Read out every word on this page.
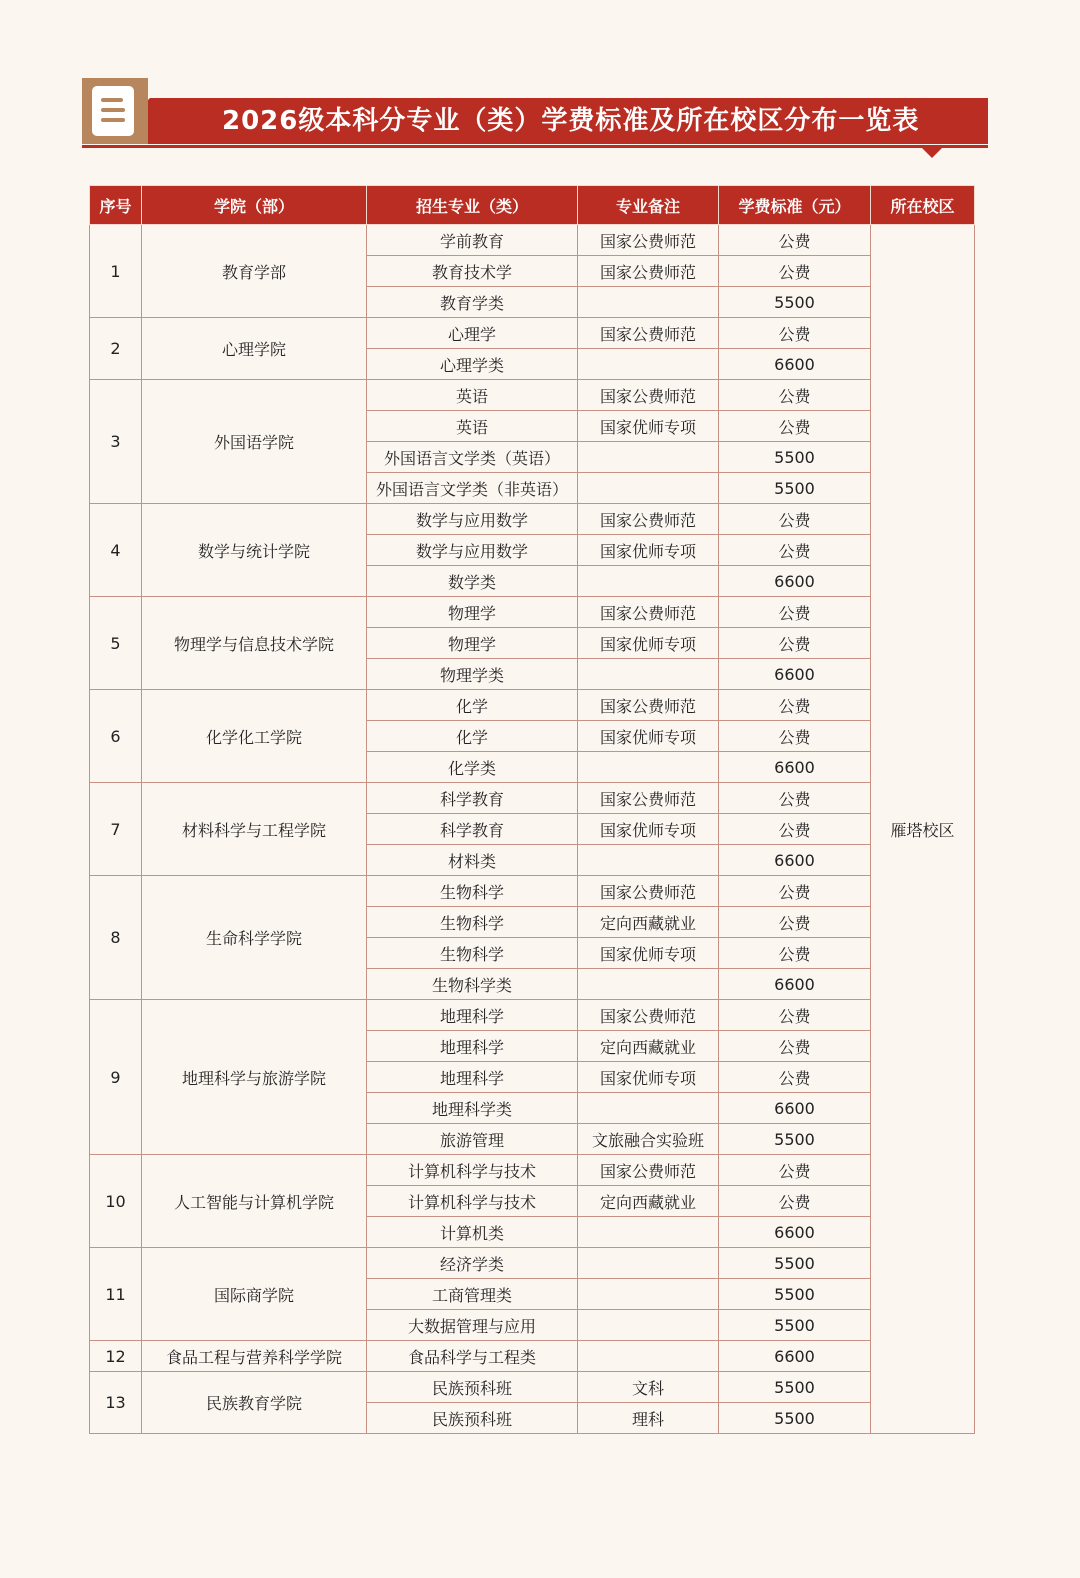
2026级本科分专业（类）学费标准及所在校区分布一览表
序号	学院（部）	招生专业（类）	专业备注	学费标准（元）	所在校区
1	教育学部	学前教育	国家公费师范	公费	雁塔校区
		教育技术学	国家公费师范	公费	
		教育学类		5500	
2	心理学院	心理学	国家公费师范	公费	
		心理学类		6600	
3	外国语学院	英语	国家公费师范	公费	
		英语	国家优师专项	公费	
		外国语言文学类（英语）		5500	
		外国语言文学类（非英语）		5500	
4	数学与统计学院	数学与应用数学	国家公费师范	公费	
		数学与应用数学	国家优师专项	公费	
		数学类		6600	
5	物理学与信息技术学院	物理学	国家公费师范	公费	
		物理学	国家优师专项	公费	
		物理学类		6600	
6	化学化工学院	化学	国家公费师范	公费	
		化学	国家优师专项	公费	
		化学类		6600	
7	材料科学与工程学院	科学教育	国家公费师范	公费	
		科学教育	国家优师专项	公费	
		材料类		6600	
8	生命科学学院	生物科学	国家公费师范	公费	
		生物科学	定向西藏就业	公费	
		生物科学	国家优师专项	公费	
		生物科学类		6600	
9	地理科学与旅游学院	地理科学	国家公费师范	公费	
		地理科学	定向西藏就业	公费	
		地理科学	国家优师专项	公费	
		地理科学类		6600	
		旅游管理	文旅融合实验班	5500	
10	人工智能与计算机学院	计算机科学与技术	国家公费师范	公费	
		计算机科学与技术	定向西藏就业	公费	
		计算机类		6600	
11	国际商学院	经济学类		5500	
		工商管理类		5500	
		大数据管理与应用		5500	
12	食品工程与营养科学学院	食品科学与工程类		6600	
13	民族教育学院	民族预科班	文科	5500	
		民族预科班	理科	5500	
